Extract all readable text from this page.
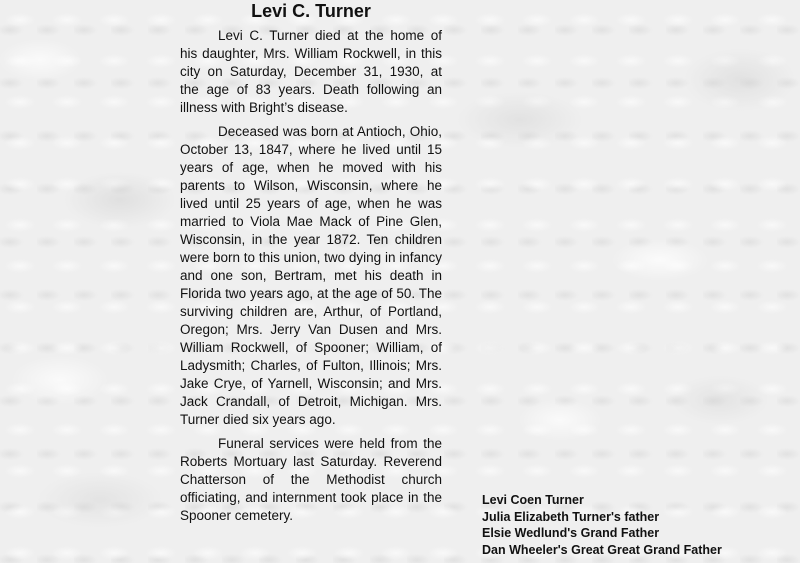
Levi C. Turner

Levi C. Turner died at the home of his daughter, Mrs. William Rockwell, in this city on Saturday, December 31, 1930, at the age of 83 years. Death following an illness with Bright’s disease.

Deceased was born at Antioch, Ohio, October 13, 1847, where he lived until 15 years of age, when he moved with his parents to Wilson, Wisconsin, where he lived until 25 years of age, when he was married to Viola Mae Mack of Pine Glen, Wisconsin, in the year 1872. Ten children were born to this union, two dying in infancy and one son, Bertram, met his death in Florida two years ago, at the age of 50. The surviving children are, Arthur, of Portland, Oregon; Mrs. Jerry Van Dusen and Mrs. William Rockwell, of Spooner; William, of Ladysmith; Charles, of Fulton, Illinois; Mrs. Jake Crye, of Yarnell, Wisconsin; and Mrs. Jack Crandall, of Detroit, Michigan. Mrs. Turner died six years ago.

Funeral services were held from the Roberts Mortuary last Saturday. Reverend Chatterson of the Methodist church officiating, and internment took place in the Spooner cemetery.

Levi Coen Turner
Julia Elizabeth Turner's father
Elsie Wedlund's Grand Father
Dan Wheeler's Great Great Grand Father
